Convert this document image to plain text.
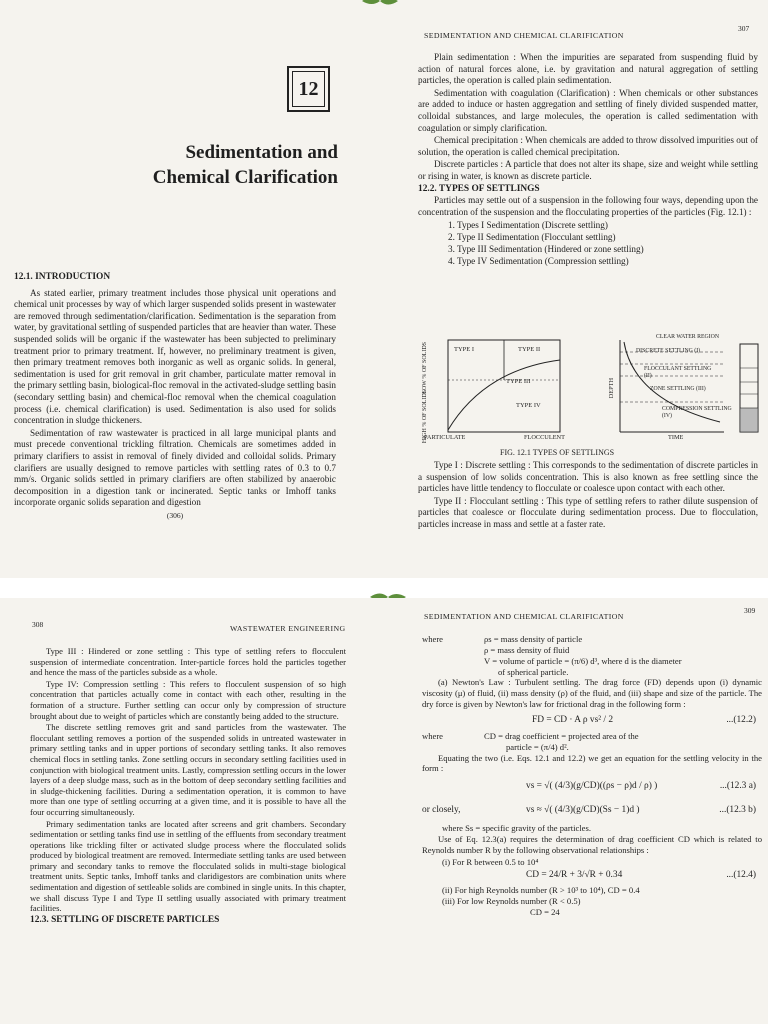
12
Sedimentation and
Chemical Clarification
12.1. INTRODUCTION

As stated earlier, primary treatment includes those physical unit operations and chemical unit processes by way of which larger suspended solids present in wastewater are removed through sedimentation/clarification. Sedimentation is the separation from water, by gravitational settling of suspended particles that are heavier than water. These suspended solids will be organic if the wastewater has been subjected to preliminary treatment prior to primary treatment. If, however, no preliminary treatment is given, then primary treatment removes both inorganic as well as organic solids. In general, sedimentation is used for grit removal in grit chamber, particulate matter removal in the primary settling basin, biological-floc removal in the activated-sludge settling basin (secondary settling basin) and chemical-floc removal when the chemical coagulation process (i.e. chemical clarification) is used. Sedimentation is also used for solids concentration in sludge thickeners.

Sedimentation of raw wastewater is practiced in all large municipal plants and must precede conventional trickling filtration. Chemicals are sometimes added in primary clarifiers to assist in removal of finely divided and colloidal solids. Primary clarifiers are usually designed to remove particles with settling rates of 0.3 to 0.7 mm/s. Organic solids settled in primary clarifiers are often stabilized by anaerobic decomposition in a digestion tank or incinerated. Septic tanks or Imhoff tanks incorporate organic solids separation and digestion

(306)
SEDIMENTATION AND CHEMICAL CLARIFICATION
307

Plain sedimentation : When the impurities are separated from suspending fluid by action of natural forces alone, i.e. by gravitation and natural aggregation of settling particles, the operation is called plain sedimentation.

Sedimentation with coagulation (Clarification) : When chemicals or other substances are added to induce or hasten aggregation and settling of finely divided suspended matter, colloidal substances, and large molecules, the operation is called sedimentation with coagulation or simply clarification.

Chemical precipitation : When chemicals are added to throw dissolved impurities out of solution, the operation is called chemical precipitation.

Discrete particles : A particle that does not alter its shape, size and weight while settling or rising in water, is known as discrete particle.

12.2. TYPES OF SETTLINGS

Particles may settle out of a suspension in the following four ways, depending upon the concentration of the suspension and the flocculating properties of the particles (Fig. 12.1) :

1. Types I Sedimentation (Discrete settling)
2. Type II Sedimentation (Flocculant settling)
3. Type III Sedimentation (Hindered or zone settling)
4. Type IV Sedimentation (Compression settling)
LOW % OF SOLIDS
HIGH % OF SOLIDS
TYPE I	TYPE II
TYPE III
TYPE IV
PARTICULATE	FLOCCULENT
DEPTH
TIME
CLEAR WATER REGION
DISCRETE SETTLING (I)
FLOCCULANT SETTLING (II)
ZONE SETTLING (III)
COMPRESSION SETTLING (IV)
FIG. 12.1 TYPES OF SETTLINGS

Type I : Discrete settling : This corresponds to the sedimentation of discrete particles in a suspension of low solids concentration. This is also known as free settling since the particles have little tendency to flocculate or coalesce upon contact with each other.

Type II : Flocculant settling : This type of settling refers to rather dilute suspension of particles that coalesce or flocculate during sedimentation process. Due to flocculation, particles increase in mass and settle at a faster rate.

308	WASTEWATER ENGINEERING

Type III : Hindered or zone settling : This type of settling refers to flocculent suspension of intermediate concentration. Inter-particle forces hold the particles together and hence the mass of the particles subside as a whole.

Type IV: Compression settling : This refers to flocculent suspension of so high concentration that particles actually come in contact with each other, resulting in the formation of a structure. Further settling can occur only by compression of structure brought about due to weight of particles which are constantly being added to the structure.

The discrete settling removes grit and sand particles from the wastewater. The flocculant settling removes a portion of the suspended solids in untreated wastewater in primary settling tanks and in upper portions of secondary settling tanks. It also removes chemical flocs in settling tanks. Zone settling occurs in secondary settling facilities used in conjunction with biological treatment units. Lastly, compression settling occurs in the lower layers of a deep sludge mass, such as in the bottom of deep secondary settling facilities and in sludge-thickening facilities. During a sedimentation operation, it is common to have more than one type of settling occurring at a given time, and it is possible to have all the four occurring simultaneously.

Primary sedimentation tanks are located after screens and grit chambers. Secondary sedimentation or settling tanks find use in settling of the effluents from secondary treatment operations like trickling filter or activated sludge process where the flocculated solids produced by biological treatment are removed. Intermediate settling tanks are used between primary and secondary tanks to remove the flocculated solids in multi-stage biological treatment units. Septic tanks, Imhoff tanks and claridigestors are combination units where sedimentation and digestion of settleable solids are combined in single units. In this chapter, we shall discuss Type I and Type II settling usually associated with primary treatment facilities.

12.3. SETTLING OF DISCRETE PARTICLES
SEDIMENTATION AND CHEMICAL CLARIFICATION
309
where	ρs = mass density of particle
ρ = mass density of fluid
V = volume of particle = (π/6) d³, where d is the diameter
of spherical particle.

(a) Newton's Law : Turbulent settling. The drag force (FD) depends upon (i) dynamic viscosity (μ) of fluid, (ii) mass density (ρ) of the fluid, and (iii) shape and size of the particle. The dry force is given by Newton's law for frictional drag in the following form :

FD = CD · A ρ vs² / 2	...(12.2)
where	CD = drag coefficient = projected area of the
particle = (π/4) d².

Equating the two (i.e. Eqs. 12.1 and 12.2) we get an equation for the settling velocity in the form :

vs = √( (4/3)(g/CD)((ρs − ρ)d / ρ) )	...(12.3 a)
or closely,	vs ≈ √( (4/3)(g/CD)(Ss − 1)d )	...(12.3 b)
where Ss = specific gravity of the particles.

Use of Eq. 12.3(a) requires the determination of drag coefficient CD which is related to Reynolds number R by the following observational relationships :

(i) For R between 0.5 to 10⁴
CD = 24/R + 3/√R + 0.34	...(12.4)
(ii) For high Reynolds number (R > 10³ to 10⁴), CD = 0.4
(iii) For low Reynolds number (R < 0.5)
CD = 24
